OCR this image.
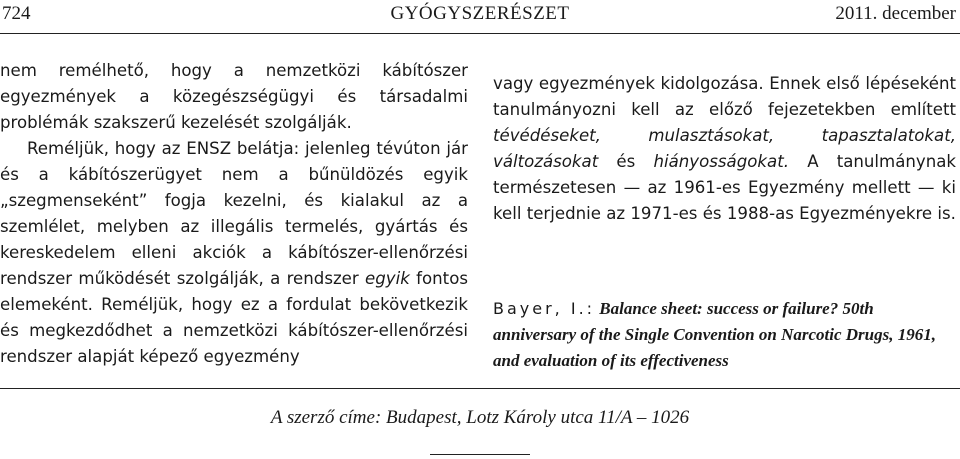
724	GYÓGYSZERÉSZET	2011. december

nem remélhető, hogy a nemzetközi kábítószer egyezmények a közegészségügyi és társadalmi problémák szakszerű kezelését szolgálják.

Reméljük, hogy az ENSZ belátja: jelenleg tévúton jár és a kábítószerügyet nem a bűnüldözés egyik „szegmenseként” fogja kezelni, és kialakul az a szemlélet, melyben az illegális termelés, gyártás és kereskedelem elleni akciók a kábítószer-ellenőrzési rendszer működését szolgálják, a rendszer egyik fontos elemeként. Reméljük, hogy ez a fordulat bekövetkezik és megkezdődhet a nemzetközi kábítószer-ellenőrzési rendszer alapját képező egyezmény

vagy egyezmények kidolgozása. Ennek első lépéseként tanulmányozni kell az előző fejezetekben említett tévédéseket, mulasztásokat, tapasztalatokat, változásokat és hiányosságokat. A tanulmánynak természetesen — az 1961-es Egyezmény mellett — ki kell terjednie az 1971-es és 1988-as Egyezményekre is.

Bayer, I.: Balance sheet: success or failure? 50th anniversary of the Single Convention on Narcotic Drugs, 1961, and evaluation of its effectiveness
A szerző címe: Budapest, Lotz Károly utca 11/A – 1026
